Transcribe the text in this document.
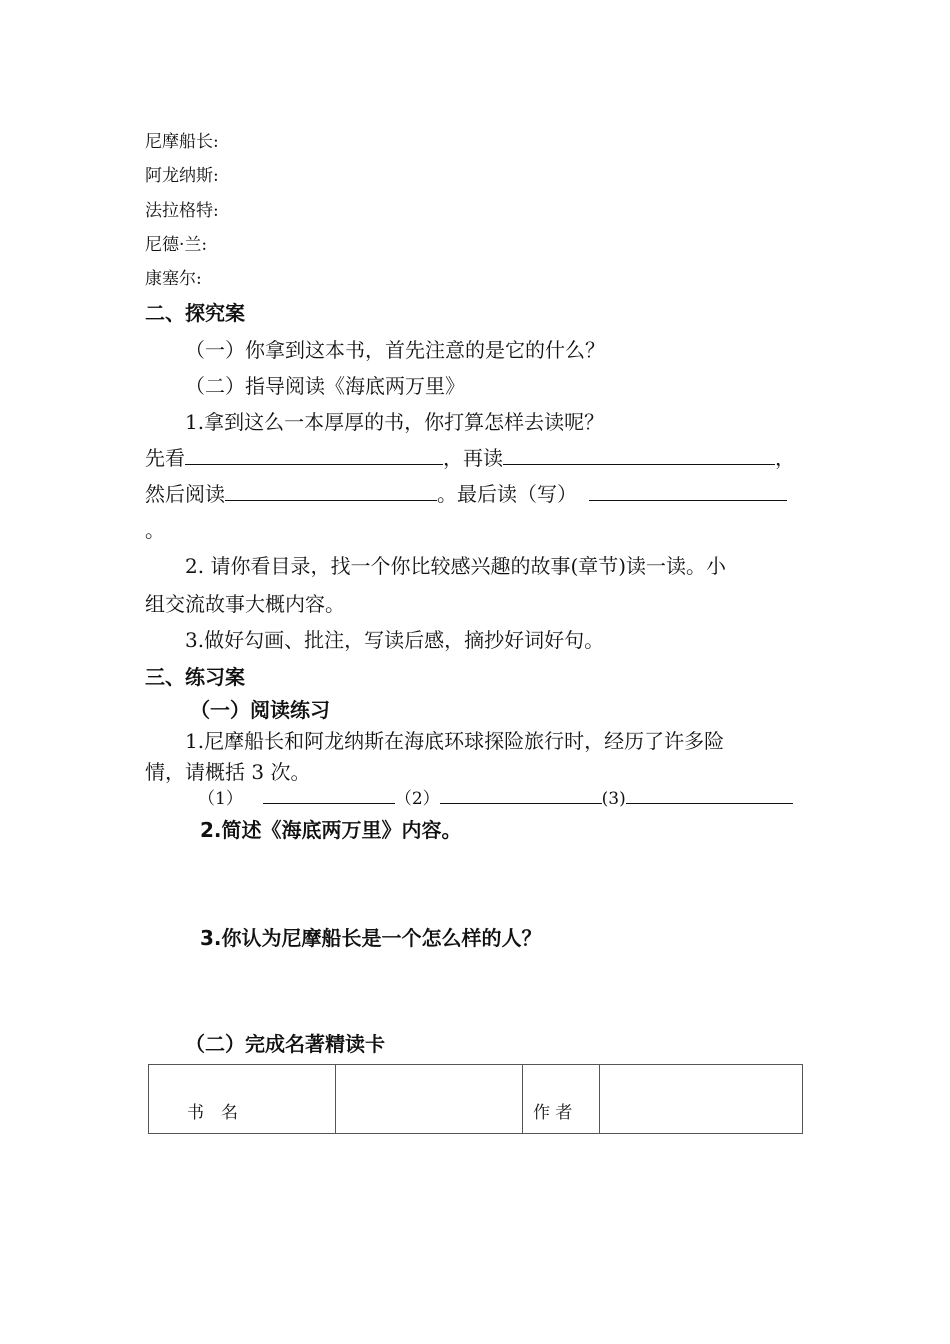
尼摩船长:
阿龙纳斯:
法拉格特:
尼德·兰:
康塞尔:
二、探究案
（一）你拿到这本书，首先注意的是它的什么？
（二）指导阅读《海底两万里》
1.拿到这么一本厚厚的书，你打算怎样去读呢？
先看	，再读	，
然后阅读	。最后读（写）
。
2. 请你看目录，找一个你比较感兴趣的故事(章节)读一读。小
组交流故事大概内容。
3.做好勾画、批注，写读后感，摘抄好词好句。
三、练习案
（一）阅读练习
1.尼摩船长和阿龙纳斯在海底环球探险旅行时，经历了许多险
情，请概括 3 次。
（1）	（2）	(3)
2.简述《海底两万里》内容。
3.你认为尼摩船长是一个怎么样的人？
（二）完成名著精读卡
书　名		作 者	
